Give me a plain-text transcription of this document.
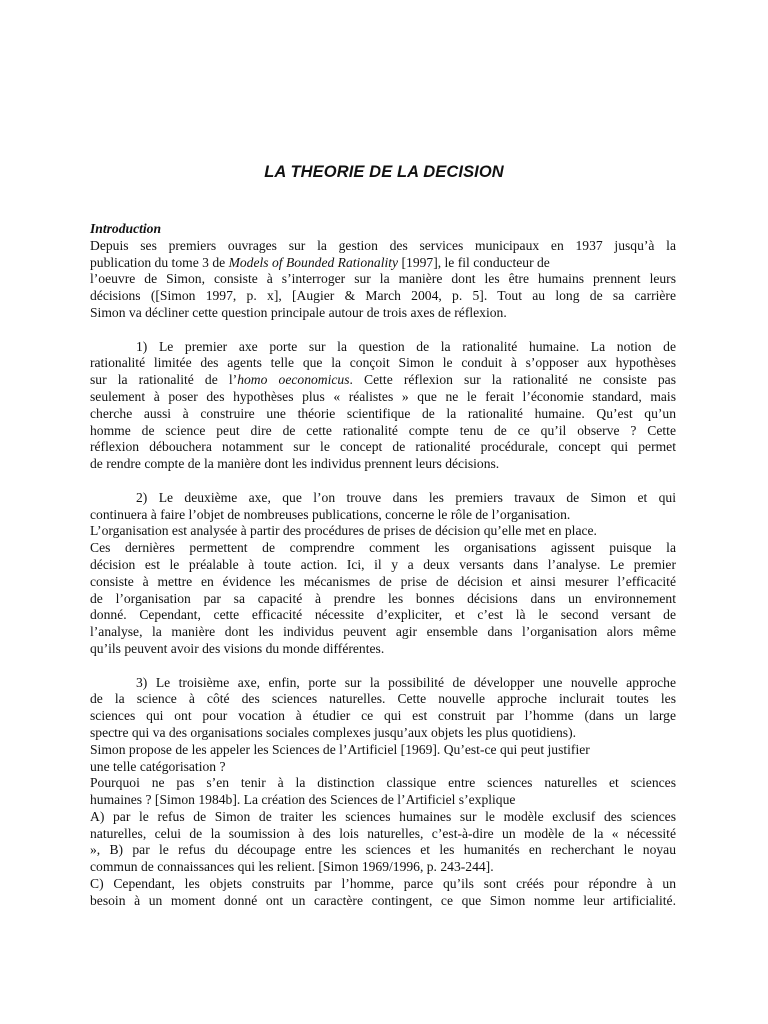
LA THEORIE DE LA DECISION

Introduction
Depuis ses premiers ouvrages sur la gestion des services municipaux en 1937 jusqu’à la
publication du tome 3 de Models of Bounded Rationality [1997], le fil conducteur de
l’oeuvre de Simon, consiste à s’interroger sur la manière dont les être humains prennent leurs
décisions ([Simon 1997, p. x], [Augier & March 2004, p. 5]. Tout au long de sa carrière
Simon va décliner cette question principale autour de trois axes de réflexion.

1) Le premier axe porte sur la question de la rationalité humaine. La notion de
rationalité limitée des agents telle que la conçoit Simon le conduit à s’opposer aux hypothèses
sur la rationalité de l’homo oeconomicus. Cette réflexion sur la rationalité ne consiste pas
seulement à poser des hypothèses plus « réalistes » que ne le ferait l’économie standard, mais
cherche aussi à construire une théorie scientifique de la rationalité humaine. Qu’est qu’un
homme de science peut dire de cette rationalité compte tenu de ce qu’il observe ? Cette
réflexion débouchera notamment sur le concept de rationalité procédurale, concept qui permet
de rendre compte de la manière dont les individus prennent leurs décisions.

2) Le deuxième axe, que l’on trouve dans les premiers travaux de Simon et qui
continuera à faire l’objet de nombreuses publications, concerne le rôle de l’organisation.
L’organisation est analysée à partir des procédures de prises de décision qu’elle met en place.
Ces dernières permettent de comprendre comment les organisations agissent puisque la
décision est le préalable à toute action. Ici, il y a deux versants dans l’analyse. Le premier
consiste à mettre en évidence les mécanismes de prise de décision et ainsi mesurer l’efficacité
de l’organisation par sa capacité à prendre les bonnes décisions dans un environnement
donné. Cependant, cette efficacité nécessite d’expliciter, et c’est là le second versant de
l’analyse, la manière dont les individus peuvent agir ensemble dans l’organisation alors même
qu’ils peuvent avoir des visions du monde différentes.

3) Le troisième axe, enfin, porte sur la possibilité de développer une nouvelle approche
de la science à côté des sciences naturelles. Cette nouvelle approche inclurait toutes les
sciences qui ont pour vocation à étudier ce qui est construit par l’homme (dans un large
spectre qui va des organisations sociales complexes jusqu’aux objets les plus quotidiens).
Simon propose de les appeler les Sciences de l’Artificiel [1969]. Qu’est-ce qui peut justifier
une telle catégorisation ?
Pourquoi ne pas s’en tenir à la distinction classique entre sciences naturelles et sciences
humaines ? [Simon 1984b]. La création des Sciences de l’Artificiel s’explique
A) par le refus de Simon de traiter les sciences humaines sur le modèle exclusif des sciences
naturelles, celui de la soumission à des lois naturelles, c’est-à-dire un modèle de la « nécessité
», B) par le refus du découpage entre les sciences et les humanités en recherchant le noyau
commun de connaissances qui les relient. [Simon 1969/1996, p. 243-244].
C) Cependant, les objets construits par l’homme, parce qu’ils sont créés pour répondre à un
besoin à un moment donné ont un caractère contingent, ce que Simon nomme leur artificialité.
